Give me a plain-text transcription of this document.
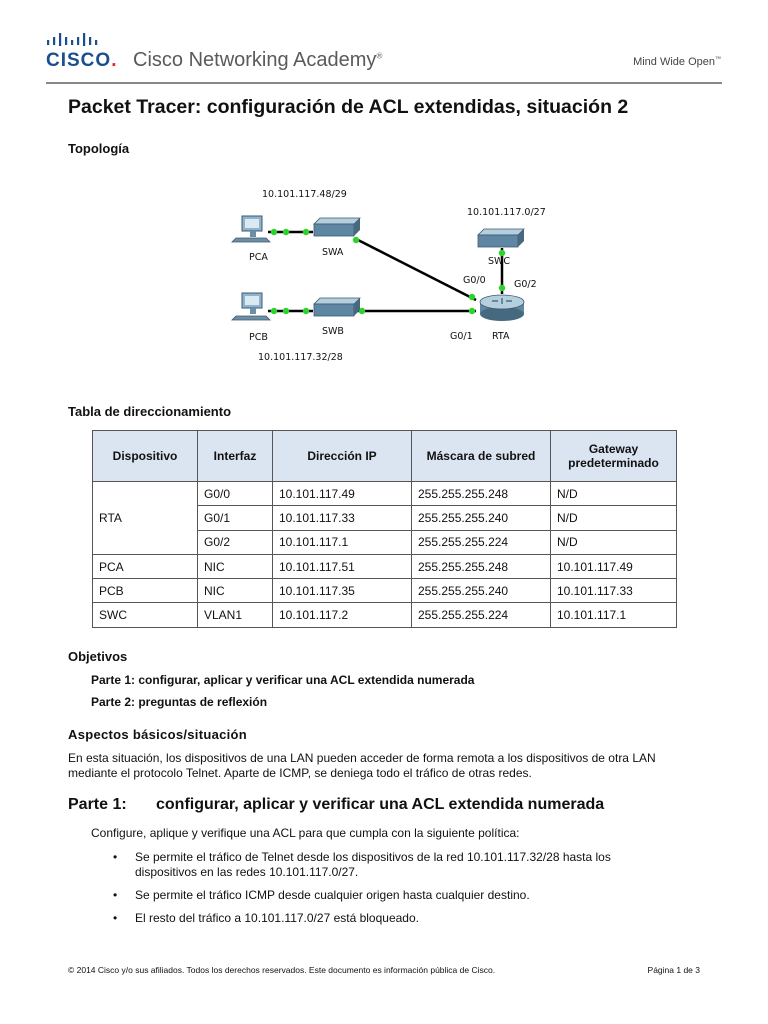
CISCO. Cisco Networking Academy®
Mind Wide Open™
Packet Tracer: configuración de ACL extendidas, situación 2
Topología
10.101.117.48/29
10.101.117.0/27
10.101.117.32/28
PCA
PCB
SWA
SWB
SWC
RTA
G0/0
G0/1
G0/2
Tabla de direccionamiento
Dispositivo	Interfaz	Dirección IP	Máscara de subred	Gateway predeterminado
RTA	G0/0	10.101.117.49	255.255.255.248	N/D
	G0/1	10.101.117.33	255.255.255.240	N/D
	G0/2	10.101.117.1	255.255.255.224	N/D
PCA	NIC	10.101.117.51	255.255.255.248	10.101.117.49
PCB	NIC	10.101.117.35	255.255.255.240	10.101.117.33
SWC	VLAN1	10.101.117.2	255.255.255.224	10.101.117.1
Objetivos
Parte 1: configurar, aplicar y verificar una ACL extendida numerada
Parte 2: preguntas de reflexión
Aspectos básicos/situación
En esta situación, los dispositivos de una LAN pueden acceder de forma remota a los dispositivos de otra LAN mediante el protocolo Telnet. Aparte de ICMP, se deniega todo el tráfico de otras redes.
Parte 1: configurar, aplicar y verificar una ACL extendida numerada
Configure, aplique y verifique una ACL para que cumpla con la siguiente política:
• Se permite el tráfico de Telnet desde los dispositivos de la red 10.101.117.32/28 hasta los dispositivos en las redes 10.101.117.0/27.
• Se permite el tráfico ICMP desde cualquier origen hasta cualquier destino.
• El resto del tráfico a 10.101.117.0/27 está bloqueado.
© 2014 Cisco y/o sus afiliados. Todos los derechos reservados. Este documento es información pública de Cisco.	Página 1 de 3
